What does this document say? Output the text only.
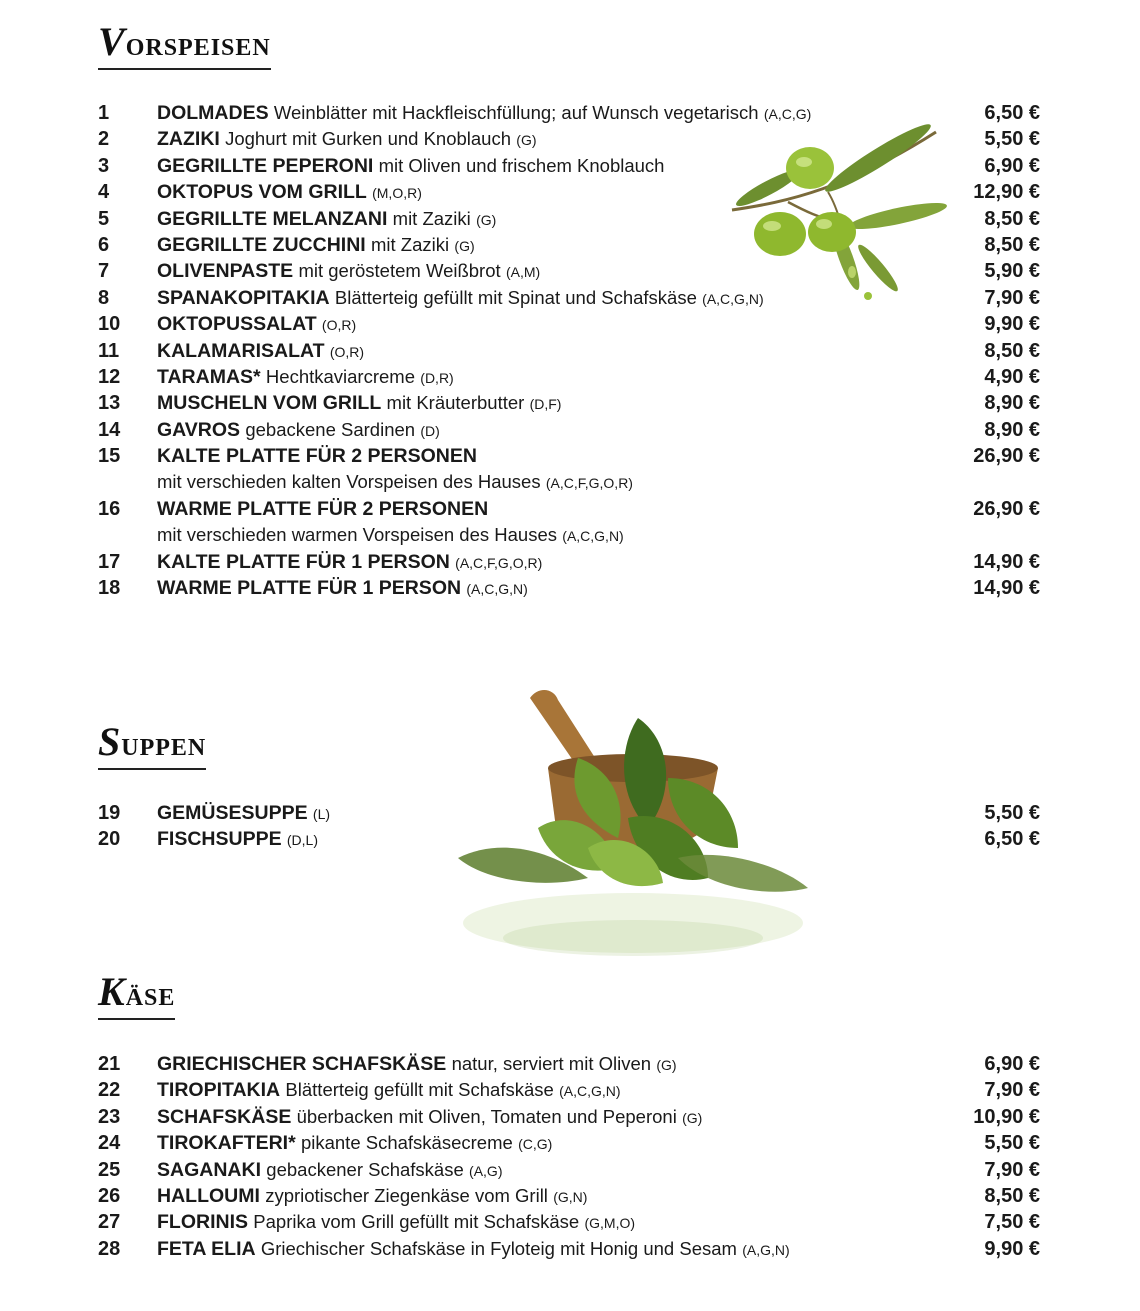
VORSPEISEN
1 DOLMADES Weinblätter mit Hackfleischfüllung; auf Wunsch vegetarisch (A,C,G)	6,50 €
2 ZAZIKI Joghurt mit Gurken und Knoblauch (G)	5,50 €
3 GEGRILLTE PEPERONI mit Oliven und frischem Knoblauch	6,90 €
4 OKTOPUS VOM GRILL (M,O,R)	12,90 €
5 GEGRILLTE MELANZANI mit Zaziki (G)	8,50 €
6 GEGRILLTE ZUCCHINI mit Zaziki (G)	8,50 €
7 OLIVENPASTE mit geröstetem Weißbrot (A,M)	5,90 €
8 SPANAKOPITAKIA Blätterteig gefüllt mit Spinat und Schafskäse (A,C,G,N)	7,90 €
10 OKTOPUSSALAT (O,R)	9,90 €
11 KALAMARISALAT (O,R)	8,50 €
12 TARAMAS* Hechtkaviarcreme (D,R)	4,90 €
13 MUSCHELN VOM GRILL mit Kräuterbutter (D,F)	8,90 €
14 GAVROS gebackene Sardinen (D)	8,90 €
15 KALTE PLATTE FÜR 2 PERSONEN	26,90 €
mit verschieden kalten Vorspeisen des Hauses (A,C,F,G,O,R)
16 WARME PLATTE FÜR 2 PERSONEN	26,90 €
mit verschieden warmen Vorspeisen des Hauses (A,C,G,N)
17 KALTE PLATTE FÜR 1 PERSON (A,C,F,G,O,R)	14,90 €
18 WARME PLATTE FÜR 1 PERSON (A,C,G,N)	14,90 €
SUPPEN
19 GEMÜSESUPPE (L)	5,50 €
20 FISCHSUPPE (D,L)	6,50 €
KÄSE
21 GRIECHISCHER SCHAFSKÄSE natur, serviert mit Oliven (G)	6,90 €
22 TIROPITAKIA Blätterteig gefüllt mit Schafskäse (A,C,G,N)	7,90 €
23 SCHAFSKÄSE überbacken mit Oliven, Tomaten und Peperoni (G)	10,90 €
24 TIROKAFTERI* pikante Schafskäsecreme (C,G)	5,50 €
25 SAGANAKI gebackener Schafskäse (A,G)	7,90 €
26 HALLOUMI zypriotischer Ziegenkäse vom Grill (G,N)	8,50 €
27 FLORINIS Paprika vom Grill gefüllt mit Schafskäse (G,M,O)	7,50 €
28 FETA ELIA Griechischer Schafskäse in Fyloteig mit Honig und Sesam (A,G,N)	9,90 €
